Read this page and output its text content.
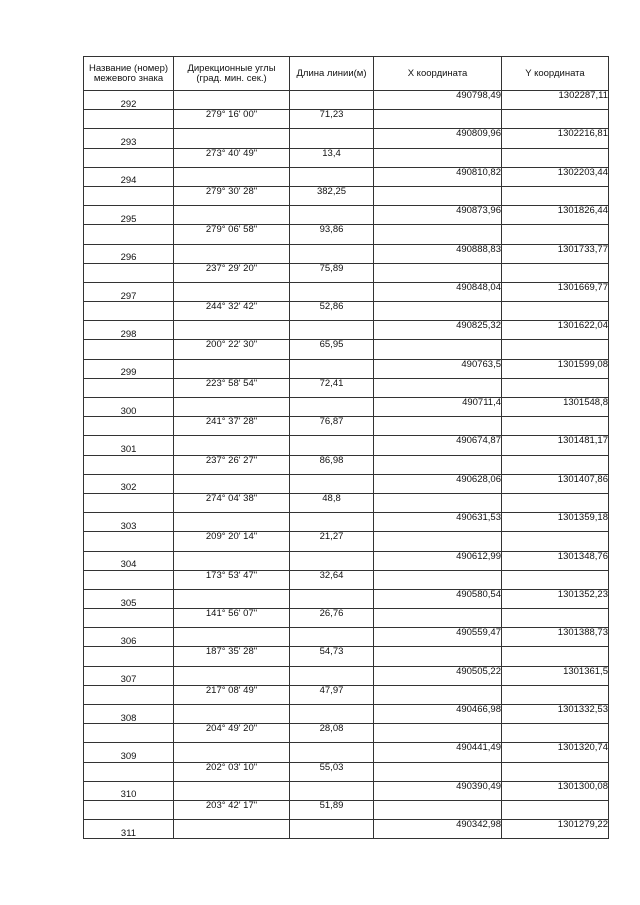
Название (номер) межевого знака	Дирекционные углы (град. мин. сек.)	Длина линии(м)	X координата	Y координата
292			490798,49	1302287,11
	279° 16' 00"	71,23		
293			490809,96	1302216,81
	273° 40' 49"	13,4		
294			490810,82	1302203,44
	279° 30' 28"	382,25		
295			490873,96	1301826,44
	279° 06' 58"	93,86		
296			490888,83	1301733,77
	237° 29' 20"	75,89		
297			490848,04	1301669,77
	244° 32' 42"	52,86		
298			490825,32	1301622,04
	200° 22' 30"	65,95		
299			490763,5	1301599,08
	223° 58' 54"	72,41		
300			490711,4	1301548,8
	241° 37' 28"	76,87		
301			490674,87	1301481,17
	237° 26' 27"	86,98		
302			490628,06	1301407,86
	274° 04' 38"	48,8		
303			490631,53	1301359,18
	209° 20' 14"	21,27		
304			490612,99	1301348,76
	173° 53' 47"	32,64		
305			490580,54	1301352,23
	141° 56' 07"	26,76		
306			490559,47	1301388,73
	187° 35' 28"	54,73		
307			490505,22	1301361,5
	217° 08' 49"	47,97		
308			490466,98	1301332,53
	204° 49' 20"	28,08		
309			490441,49	1301320,74
	202° 03' 10"	55,03		
310			490390,49	1301300,08
	203° 42' 17"	51,89		
311			490342,98	1301279,22
